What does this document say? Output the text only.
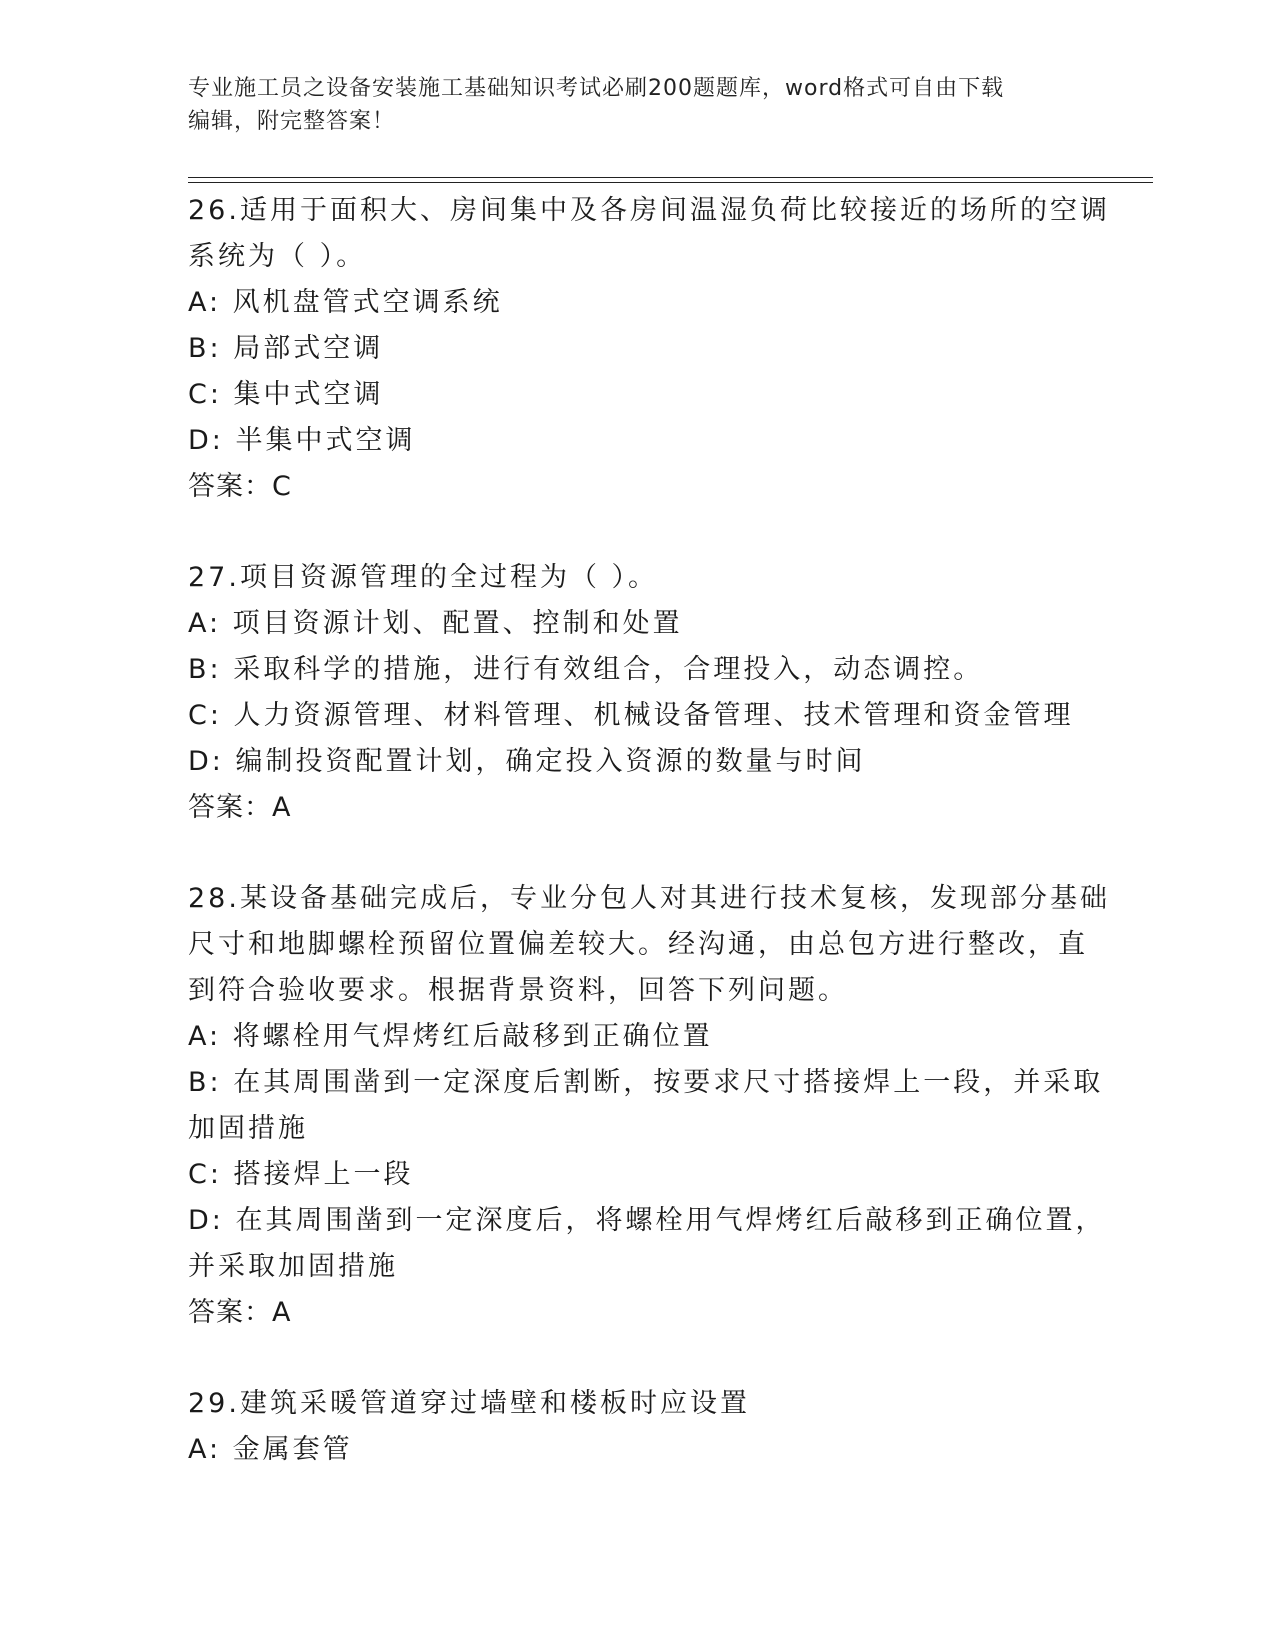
专业施工员之设备安装施工基础知识考试必刷200题题库，word格式可自由下载
编辑，附完整答案！
26.适用于面积大、房间集中及各房间温湿负荷比较接近的场所的空调
系统为（ ）。
A: 风机盘管式空调系统
B: 局部式空调
C: 集中式空调
D: 半集中式空调
答案：C
27.项目资源管理的全过程为（ ）。
A: 项目资源计划、配置、控制和处置
B: 采取科学的措施，进行有效组合，合理投入，动态调控。
C: 人力资源管理、材料管理、机械设备管理、技术管理和资金管理
D: 编制投资配置计划，确定投入资源的数量与时间
答案：A
28.某设备基础完成后，专业分包人对其进行技术复核，发现部分基础
尺寸和地脚螺栓预留位置偏差较大。经沟通，由总包方进行整改，直
到符合验收要求。根据背景资料，回答下列问题。
A: 将螺栓用气焊烤红后敲移到正确位置
B: 在其周围凿到一定深度后割断，按要求尺寸搭接焊上一段，并采取
加固措施
C: 搭接焊上一段
D: 在其周围凿到一定深度后，将螺栓用气焊烤红后敲移到正确位置，
并采取加固措施
答案：A
29.建筑采暖管道穿过墙壁和楼板时应设置
A: 金属套管
